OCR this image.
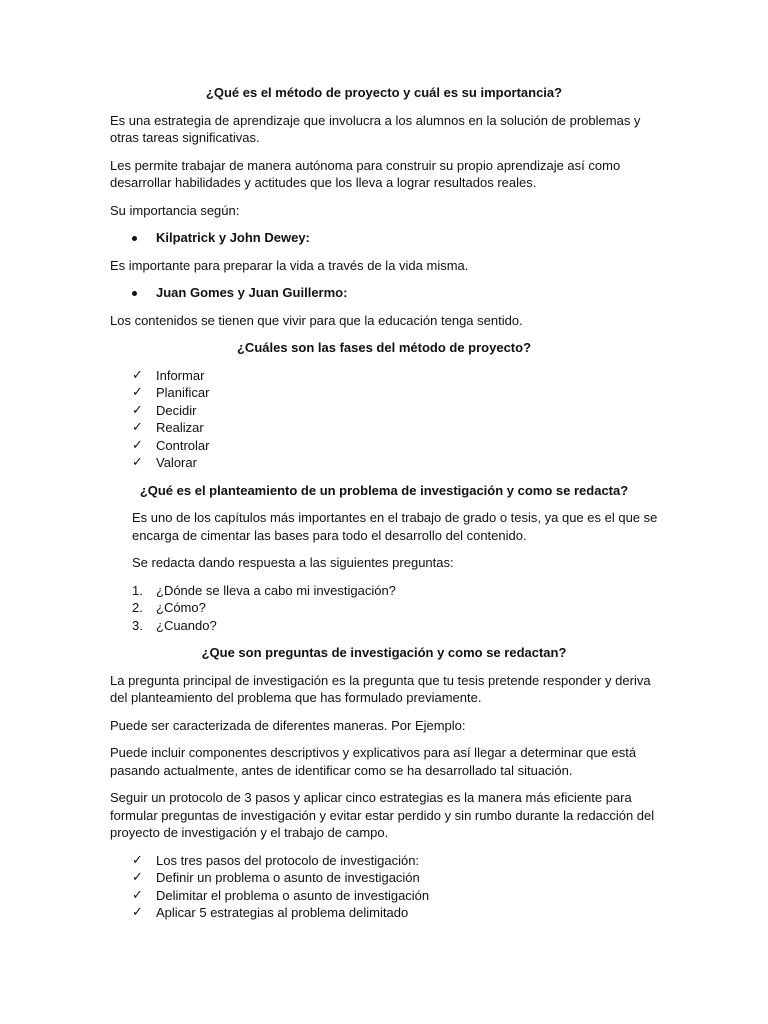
¿Qué es el método de proyecto y cuál es su importancia?

Es una estrategia de aprendizaje que involucra a los alumnos en la solución de problemas y otras tareas significativas.

Les permite trabajar de manera autónoma para construir su propio aprendizaje así como desarrollar habilidades y actitudes que los lleva a lograr resultados reales.

Su importancia según:

Kilpatrick y John Dewey:

Es importante para preparar la vida a través de la vida misma.

Juan Gomes y Juan Guillermo:

Los contenidos se tienen que vivir para que la educación tenga sentido.

¿Cuáles son las fases del método de proyecto?
✓ Informar
✓ Planificar
✓ Decidir
✓ Realizar
✓ Controlar
✓ Valorar
¿Qué es el planteamiento de un problema de investigación y como se redacta?

Es uno de los capítulos más importantes en el trabajo de grado o tesis, ya que es el que se encarga de cimentar las bases para todo el desarrollo del contenido.

Se redacta dando respuesta a las siguientes preguntas:

1. ¿Dónde se lleva a cabo mi investigación?
2. ¿Cómo?
3. ¿Cuando?
¿Que son preguntas de investigación y como se redactan?

La pregunta principal de investigación es la pregunta que tu tesis pretende responder y deriva del planteamiento del problema que has formulado previamente.

Puede ser caracterizada de diferentes maneras. Por Ejemplo:

Puede incluir componentes descriptivos y explicativos para así llegar a determinar que está pasando actualmente, antes de identificar como se ha desarrollado tal situación.

Seguir un protocolo de 3 pasos y aplicar cinco estrategias es la manera más eficiente para formular preguntas de investigación y evitar estar perdido y sin rumbo durante la redacción del proyecto de investigación y el trabajo de campo.

✓ Los tres pasos del protocolo de investigación:
✓ Definir un problema o asunto de investigación
✓ Delimitar el problema o asunto de investigación
✓ Aplicar 5 estrategias al problema delimitado
